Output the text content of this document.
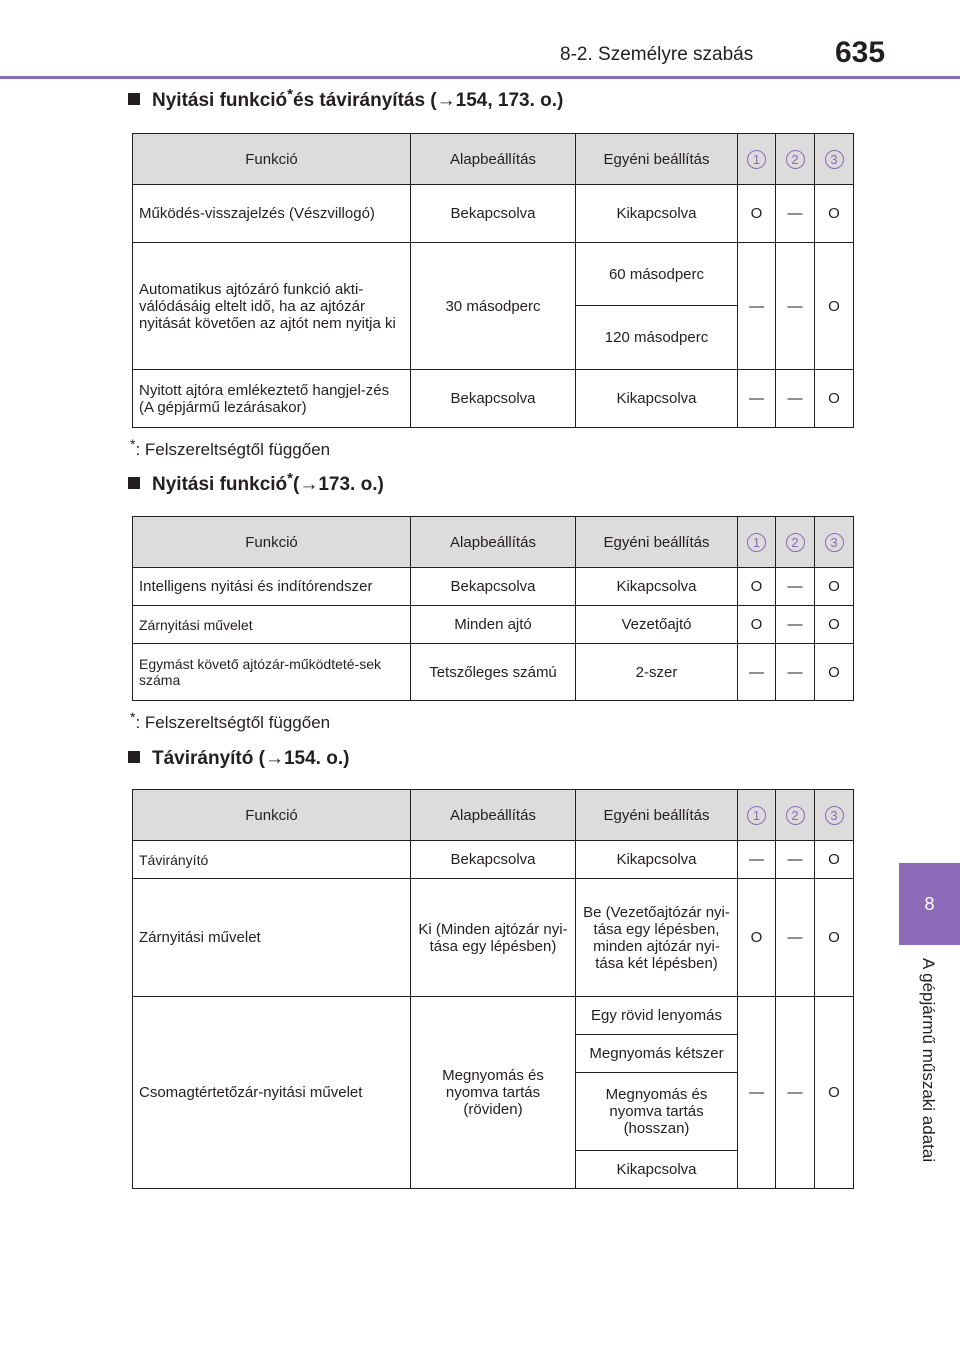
8-2. Személyre szabás	635
8
A gépjármű műszaki adatai
Nyitási funkció * és távirányítás (→154, 173. o.)
Funkció	Alapbeállítás	Egyéni beállítás	1	2	3
Működés-visszajelzés (Vészvillogó)	Bekapcsolva	Kikapcsolva	O	—	O
Automatikus ajtózáró funkció akti-válódásáig eltelt idő, ha az ajtózár nyitását követően az ajtót nem nyitja ki	30 másodperc	60 másodperc	—	—	O
		120 másodperc			
Nyitott ajtóra emlékeztető hangjel-zés (A gépjármű lezárásakor)	Bekapcsolva	Kikapcsolva	—	—	O
*: Felszereltségtől függően
Nyitási funkció * (→173. o.)
Funkció	Alapbeállítás	Egyéni beállítás	1	2	3
Intelligens nyitási és indítórendszer	Bekapcsolva	Kikapcsolva	O	—	O
Zárnyitási művelet	Minden ajtó	Vezetőajtó	O	—	O
Egymást követő ajtózár-működteté-sek száma	Tetszőleges számú	2-szer	—	—	O
*: Felszereltségtől függően
Távirányító (→154. o.)
Funkció	Alapbeállítás	Egyéni beállítás	1	2	3
Távirányító	Bekapcsolva	Kikapcsolva	—	—	O
Zárnyitási művelet	Ki (Minden ajtózár nyi-tása egy lépésben)	Be (Vezetőajtózár nyi-tása egy lépésben, minden ajtózár nyi-tása két lépésben)	O	—	O
Csomagtértetőzár-nyitási művelet	Megnyomás és nyomva tartás (röviden)	Egy rövid lenyomás	—	—	O
		Megnyomás kétszer			
		Megnyomás és nyomva tartás (hosszan)			
		Kikapcsolva			
